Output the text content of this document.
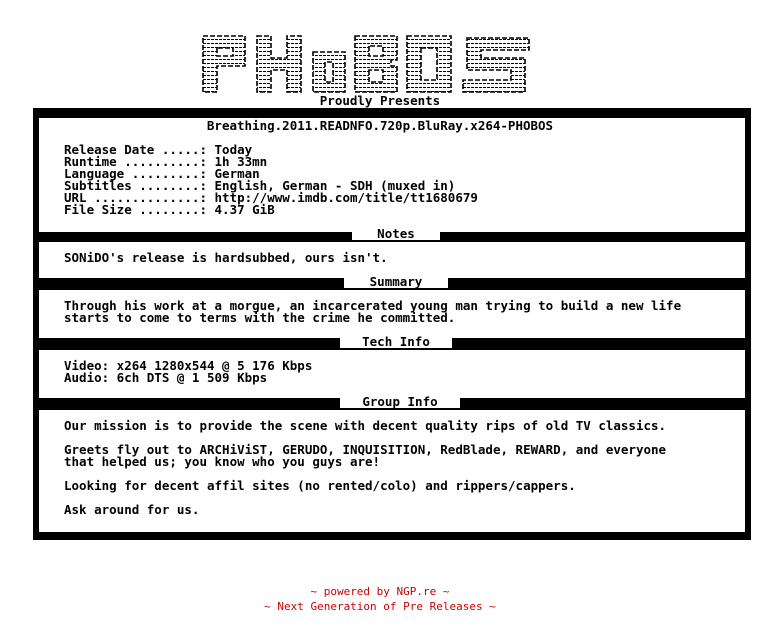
Proudly Presents
Breathing.2011.READNFO.720p.BluRay.x264-PHOBOS
Release Date .....: Today
Runtime ..........: 1h 33mn
Language .........: German
Subtitles ........: English, German - SDH (muxed in)
URL ..............: http://www.imdb.com/title/tt1680679
File Size ........: 4.37 GiB
Notes
Summary
Tech Info
Group Info
SONiDO's release is hardsubbed, ours isn't.
Through his work at a morgue, an incarcerated young man trying to build a new life
starts to come to terms with the crime he committed.
Video: x264 1280x544 @ 5 176 Kbps
Audio: 6ch DTS @ 1 509 Kbps
Our mission is to provide the scene with decent quality rips of old TV classics.
Greets fly out to ARCHiViST, GERUDO, INQUISITION, RedBlade, REWARD, and everyone
that helped us; you know who you guys are!
Looking for decent affil sites (no rented/colo) and rippers/cappers.
Ask around for us.
~ powered by NGP.re ~
~ Next Generation of Pre Releases ~
